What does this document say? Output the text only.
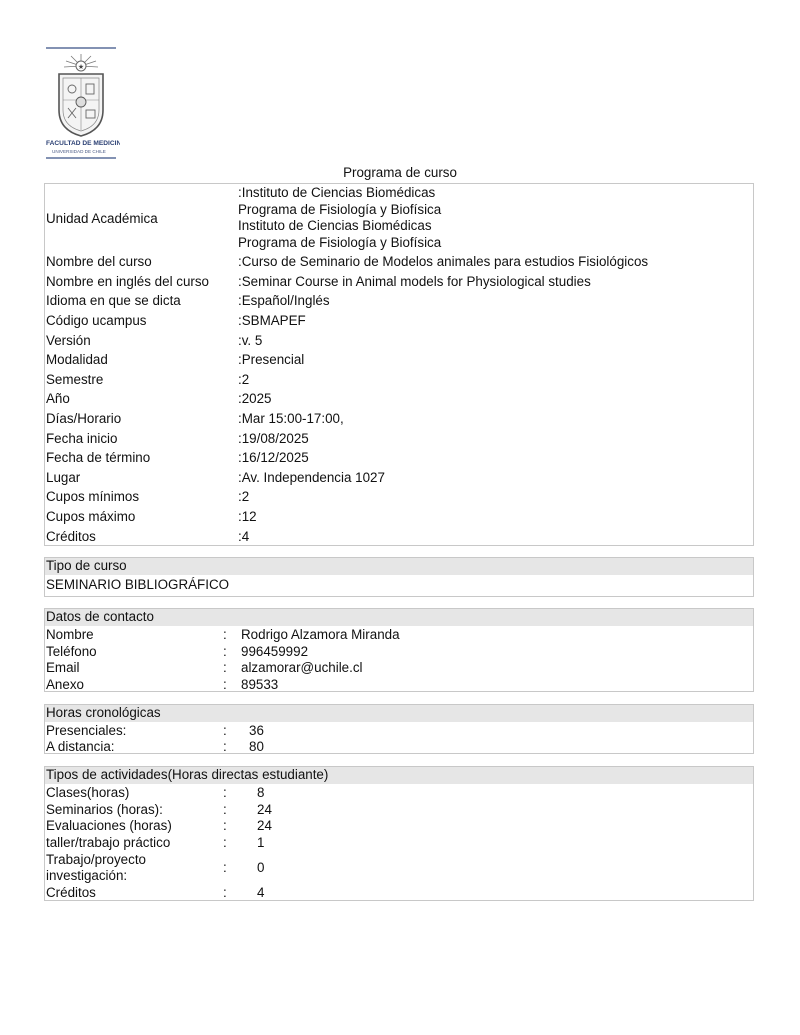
★
FACULTAD DE MEDICINA
UNIVERSIDAD DE CHILE
Programa de curso
Unidad Académica
:Instituto de Ciencias Biomédicas
Programa de Fisiología y Biofísica
Instituto de Ciencias Biomédicas
Programa de Fisiología y Biofísica
Nombre del curso	:Curso de Seminario de Modelos animales para estudios Fisiológicos
Nombre en inglés del curso	:Seminar Course in Animal models for Physiological studies
Idioma en que se dicta	:Español/Inglés
Código ucampus	:SBMAPEF
Versión	:v. 5
Modalidad	:Presencial
Semestre	:2
Año	:2025
Días/Horario	:Mar 15:00-17:00,
Fecha inicio	:19/08/2025
Fecha de término	:16/12/2025
Lugar	:Av. Independencia 1027
Cupos mínimos	:2
Cupos máximo	:12
Créditos	:4
Tipo de curso
SEMINARIO BIBLIOGRÁFICO
Datos de contacto
Nombre	:	Rodrigo Alzamora Miranda
Teléfono	:	996459992
Email	:	alzamorar@uchile.cl
Anexo	:	89533
Horas cronológicas
Presenciales:	:	36
A distancia:	:	80
Tipos de actividades(Horas directas estudiante)
Clases(horas)	:	8
Seminarios (horas):	:	24
Evaluaciones (horas)	:	24
taller/trabajo práctico	:	1
Trabajo/proyecto
investigación:	:	0
Créditos	:	4
